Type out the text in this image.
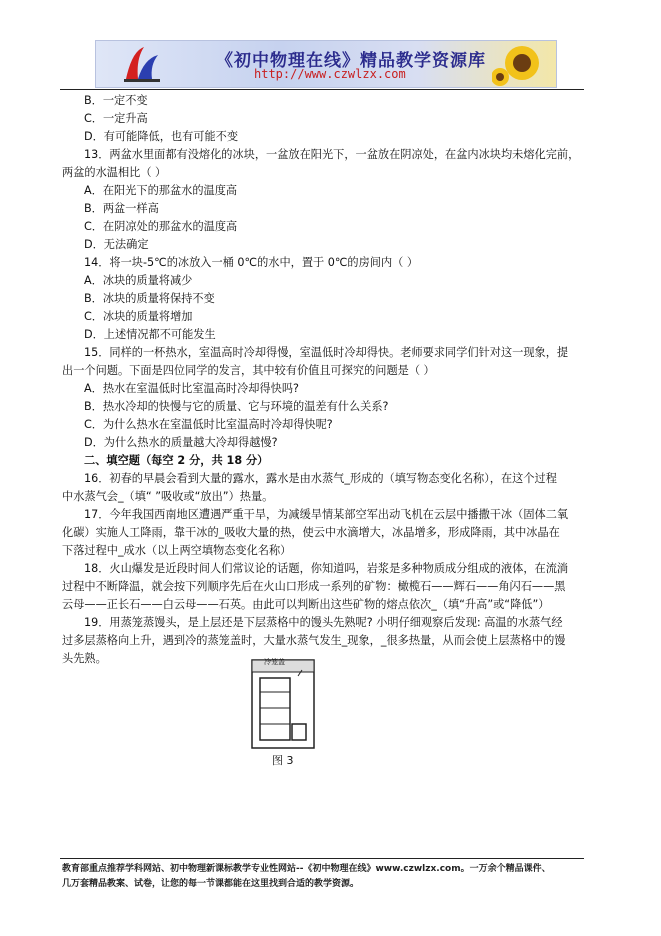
《初中物理在线》精品教学资源库
http://www.czwlzx.com
B．一定不变
C．一定升高
D．有可能降低，也有可能不变
13．两盆水里面都有没熔化的冰块，一盆放在阳光下，一盆放在阴凉处，在盆内冰块均未熔化完前，
两盆的水温相比（ ）
A．在阳光下的那盆水的温度高
B．两盆一样高
C．在阴凉处的那盆水的温度高
D．无法确定
14．将一块-5℃的冰放入一桶 0℃的水中，置于 0℃的房间内（ ）
A．冰块的质量将减少
B．冰块的质量将保持不变
C．冰块的质量将增加
D．上述情况都不可能发生
15．同样的一杯热水，室温高时冷却得慢，室温低时冷却得快。老师要求同学们针对这一现象，提
出一个问题。下面是四位同学的发言，其中较有价值且可探究的问题是（ ）
A．热水在室温低时比室温高时冷却得快吗?
B．热水冷却的快慢与它的质量、它与环境的温差有什么关系?
C．为什么热水在室温低时比室温高时冷却得快呢?
D．为什么热水的质量越大冷却得越慢?
二、填空题（每空 2 分，共 18 分）
16．初春的早晨会看到大量的露水，露水是由水蒸气_形成的（填写物态变化名称），在这个过程
中水蒸气会_（填“ ”吸收或“放出”）热量。
17．今年我国西南地区遭遇严重干旱，为减缓旱情某部空军出动飞机在云层中播撒干冰（固体二氧
化碳）实施人工降雨，靠干冰的_吸收大量的热，使云中水滴增大，冰晶增多，形成降雨，其中冰晶在
下落过程中_成水（以上两空填物态变化名称）
18．火山爆发是近段时间人们常议论的话题，你知道吗，岩浆是多种物质成分组成的液体，在流淌
过程中不断降温，就会按下列顺序先后在火山口形成一系列的矿物：橄榄石——辉石——角闪石——黑
云母——正长石——白云母——石英。由此可以判断出这些矿物的熔点依次_（填“升高”或“降低”）
19．用蒸笼蒸馒头，是上层还是下层蒸格中的馒头先熟呢? 小明仔细观察后发现: 高温的水蒸气经
过多层蒸格向上升，遇到冷的蒸笼盖时，大量水蒸气发生_现象，_很多热量，从而会使上层蒸格中的馒
头先熟。	冷笼盖
图 3
教育部重点推荐学科网站、初中物理新课标教学专业性网站--《初中物理在线》www.czwlzx.com。一万余个精品课件、
几万套精品教案、试卷，让您的每一节课都能在这里找到合适的教学资源。
